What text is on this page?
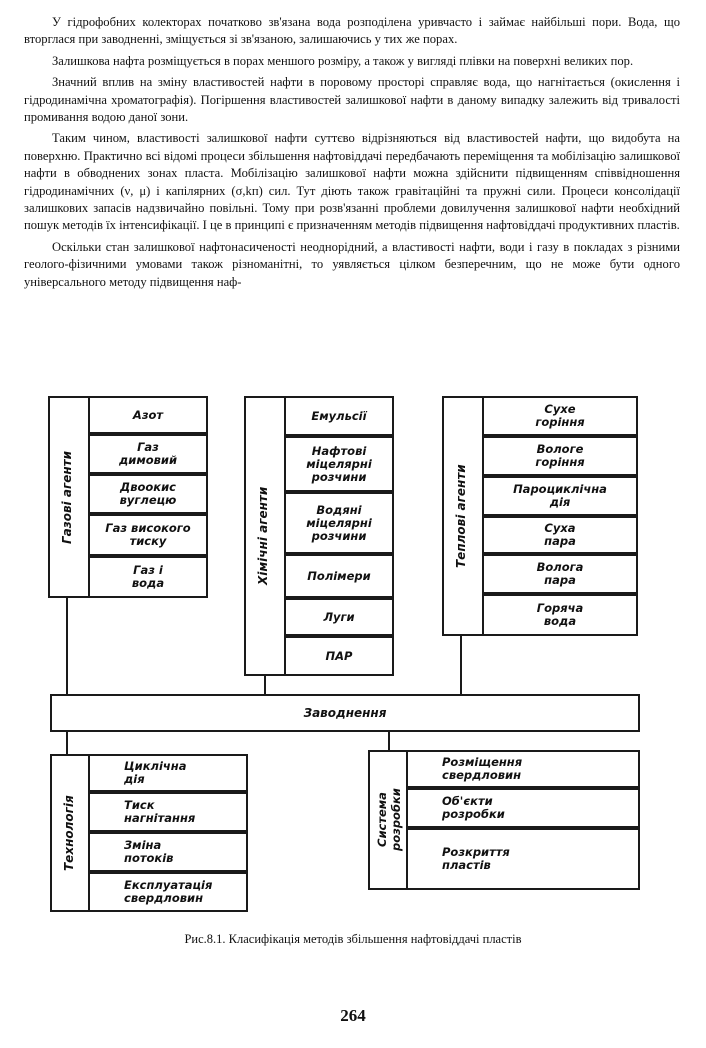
У гідрофобних колекторах початково зв'язана вода розподілена уривчасто і займає найбільші пори. Вода, що вторглася при заводненні, зміщується зі зв'язаною, залишаючись у тих же порах.

Залишкова нафта розміщується в порах меншого розміру, а також у вигляді плівки на поверхні великих пор.

Значний вплив на зміну властивостей нафти в поровому просторі справляє вода, що нагнітається (окислення і гідродинамічна хроматографія). Погіршення властивостей залишкової нафти в даному випадку залежить від тривалості промивання водою даної зони.

Таким чином, властивості залишкової нафти суттєво відрізняються від властивостей нафти, що видобута на поверхню. Практично всі відомі процеси збільшення нафтовіддачі передбачають переміщення та мобілізацію залишкової нафти в обводнених зонах пласта. Мобілізацію залишкової нафти можна здійснити підвищенням співвідношення гідродинамічних (ν, μ) і капілярних (σ,kп) сил. Тут діють також гравітаційні та пружні сили. Процеси консолідації залишкових запасів надзвичайно повільні. Тому при розв'язанні проблеми довилучення залишкової нафти необхідний пошук методів їх інтенсифікації. І це в принципі є призначенням методів підвищення нафтовіддачі продуктивних пластів.

Оскільки стан залишкової нафтонасиченості неоднорідний, а властивості нафти, води і газу в покладах з різними геолого-фізичними умовами також різноманітні, то уявляється цілком безперечним, що не може бути одного універсального методу підвищення наф-

Газові агенти
Азот
Газ
димовий
Двоокис
вуглецю
Газ високого
тиску
Газ і
вода	Хімічні агенти
Емульсії
Нафтові
міцелярні
розчини
Водяні
міцелярні
розчини
Полімери
Луги
ПАР
Теплові агенти
Сухе
горіння
Вологе
горіння
Пароциклічна
дія
Суха
пара
Волога
пара
Горяча
вода
Заводнення
Технологія
Циклічна
дія
Тиск
нагнітання
Зміна
потоків
Експлуатація
свердловин
Система
розробки
Розміщення
свердловин
Об'єкти
розробки
Розкриття
пластів
Рис.8.1. Класифікація методів збільшення нафтовіддачі пластів
264
